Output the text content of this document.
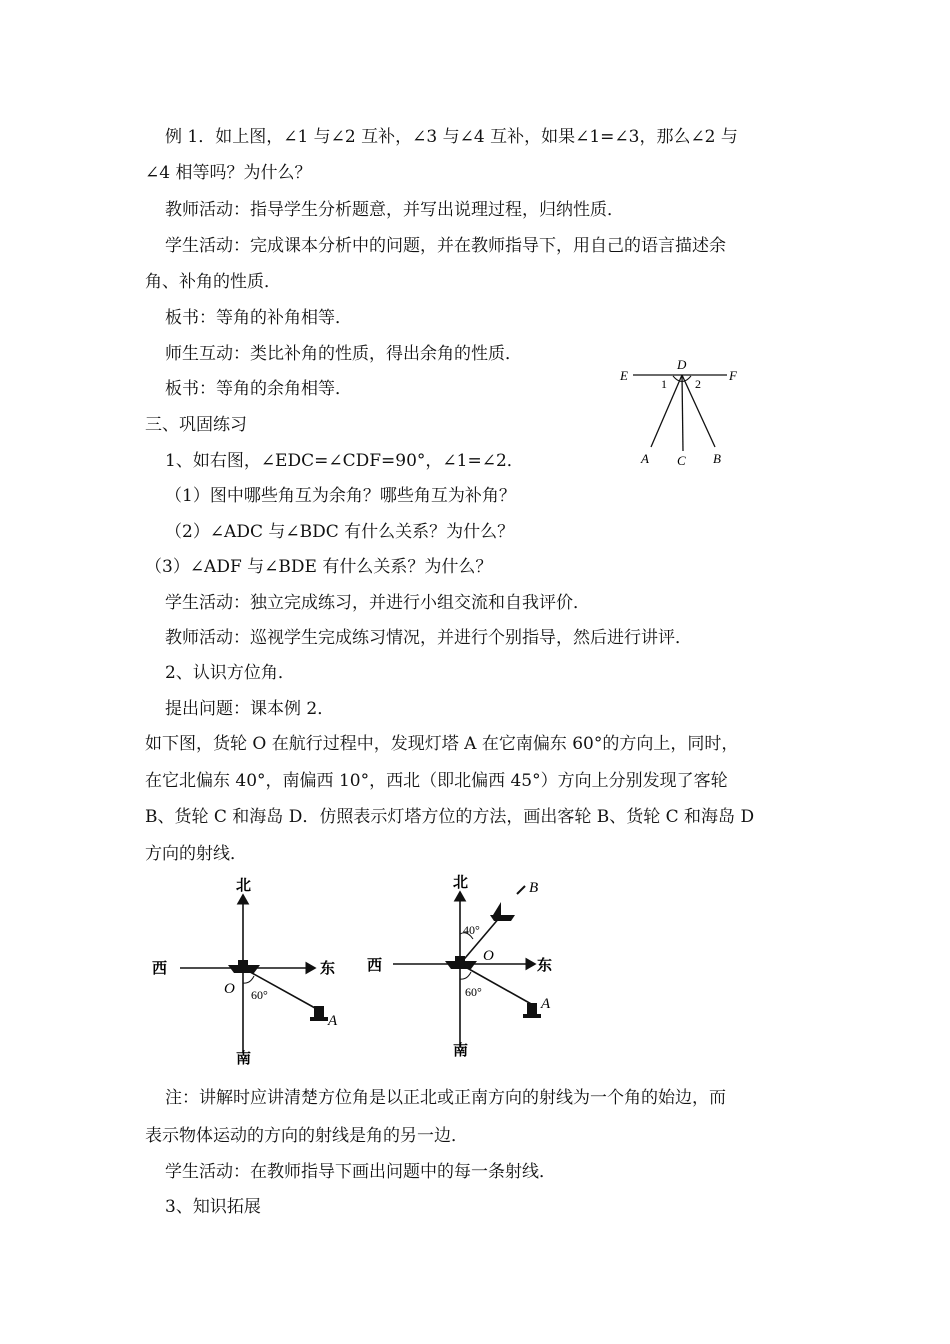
例 1．如上图，∠1 与∠2 互补，∠3 与∠4 互补，如果∠1=∠3，那么∠2 与
∠4 相等吗？为什么？
教师活动：指导学生分析题意，并写出说理过程，归纳性质．
学生活动：完成课本分析中的问题，并在教师指导下，用自己的语言描述余
角、补角的性质．
板书：等角的补角相等．
师生互动：类比补角的性质，得出余角的性质．
板书：等角的余角相等．
三、巩固练习
1、如右图，∠EDC=∠CDF=90°，∠1=∠2．
（1）图中哪些角互为余角？哪些角互为补角？
（2）∠ADC 与∠BDC 有什么关系？为什么？
（3）∠ADF 与∠BDE 有什么关系？为什么？
学生活动：独立完成练习，并进行小组交流和自我评价．
教师活动：巡视学生完成练习情况，并进行个别指导，然后进行讲评．
2、认识方位角．
提出问题：课本例 2．
如下图，货轮 O 在航行过程中，发现灯塔 A 在它南偏东 60°的方向上，同时，
在它北偏东 40°，南偏西 10°，西北（即北偏西 45°）方向上分别发现了客轮
B、货轮 C 和海岛 D．仿照表示灯塔方位的方法，画出客轮 B、货轮 C 和海岛 D
方向的射线．
注：讲解时应讲清楚方位角是以正北或正南方向的射线为一个角的始边，而
表示物体运动的方向的射线是角的另一边．
学生活动：在教师指导下画出问题中的每一条射线．
3、知识拓展
E
D
F
1 2
A C B
北
南
西	东
O 60°
A
北
南
西	东
O
60°
40°
A
B
